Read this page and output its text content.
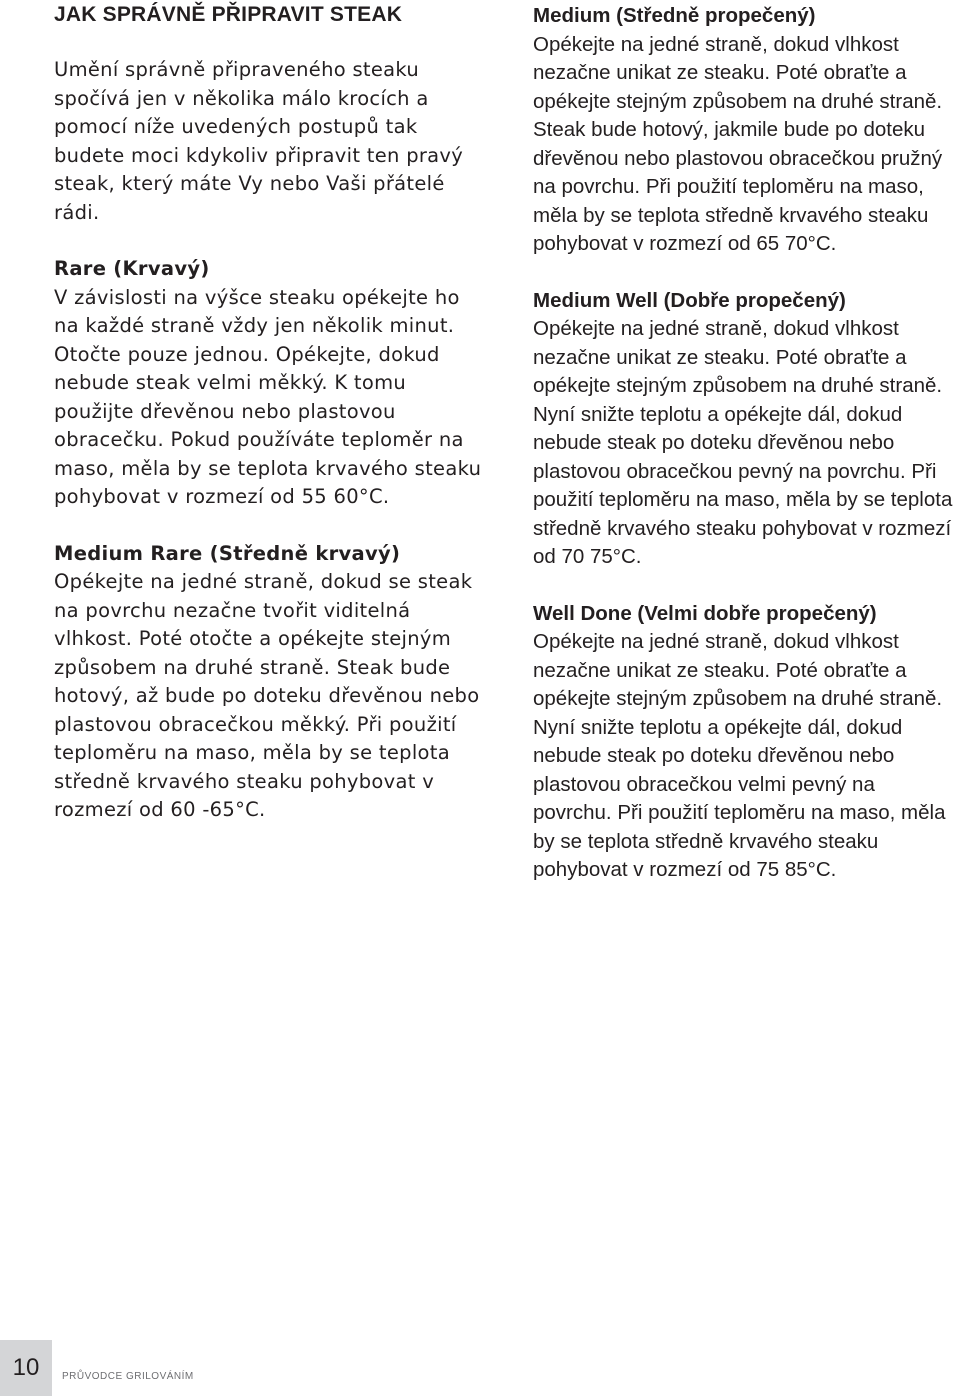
JAK SPRÁVNĚ PŘIPRAVIT STEAK

Umění správně připraveného steaku spočívá jen v několika málo krocích a pomocí níže uvedených postupů tak budete moci kdykoliv připravit ten pravý steak, který máte Vy nebo Vaši přátelé rádi.

Rare (Krvavý)
V závislosti na výšce steaku opékejte ho na každé straně vždy jen několik minut. Otočte pouze jednou. Opékejte, dokud nebude steak velmi měkký. K tomu použijte dřevěnou nebo plastovou obracečku. Pokud používáte teploměr na maso, měla by se teplota krvavého steaku pohybovat v rozmezí od 55 60°C.

Medium Rare (Středně krvavý)
Opékejte na jedné straně, dokud se steak na povrchu nezačne tvořit viditelná vlhkost. Poté otočte a opékejte stejným způsobem na druhé straně. Steak bude hotový, až bude po doteku dřevěnou nebo plastovou obracečkou měkký. Při použití teploměru na maso, měla by se teplota středně krvavého steaku pohybovat v rozmezí od 60 -65°C.

Medium (Středně propečený)
Opékejte na jedné straně, dokud vlhkost nezačne unikat ze steaku. Poté obraťte a opékejte stejným způsobem na druhé straně. Steak bude hotový, jakmile bude po doteku dřevěnou nebo plastovou obracečkou pružný na povrchu. Při použití teploměru na maso, měla by se teplota středně krvavého steaku pohybovat v rozmezí od 65 70°C.

Medium Well (Dobře propečený)
Opékejte na jedné straně, dokud vlhkost nezačne unikat ze steaku. Poté obraťte a opékejte stejným způsobem na druhé straně. Nyní snižte teplotu a opékejte dál, dokud nebude steak po doteku dřevěnou nebo plastovou obracečkou pevný na povrchu. Při použití teploměru na maso, měla by se teplota středně krvavého steaku pohybovat v rozmezí od 70 75°C.

Well Done (Velmi dobře propečený)
Opékejte na jedné straně, dokud vlhkost nezačne unikat ze steaku. Poté obraťte a opékejte stejným způsobem na druhé straně. Nyní snižte teplotu a opékejte dál, dokud nebude steak po doteku dřevěnou nebo plastovou obracečkou velmi pevný na povrchu. Při použití teploměru na maso, měla by se teplota středně krvavého steaku pohybovat v rozmezí od 75 85°C.

10	PRŮVODCE GRILOVÁNÍM
